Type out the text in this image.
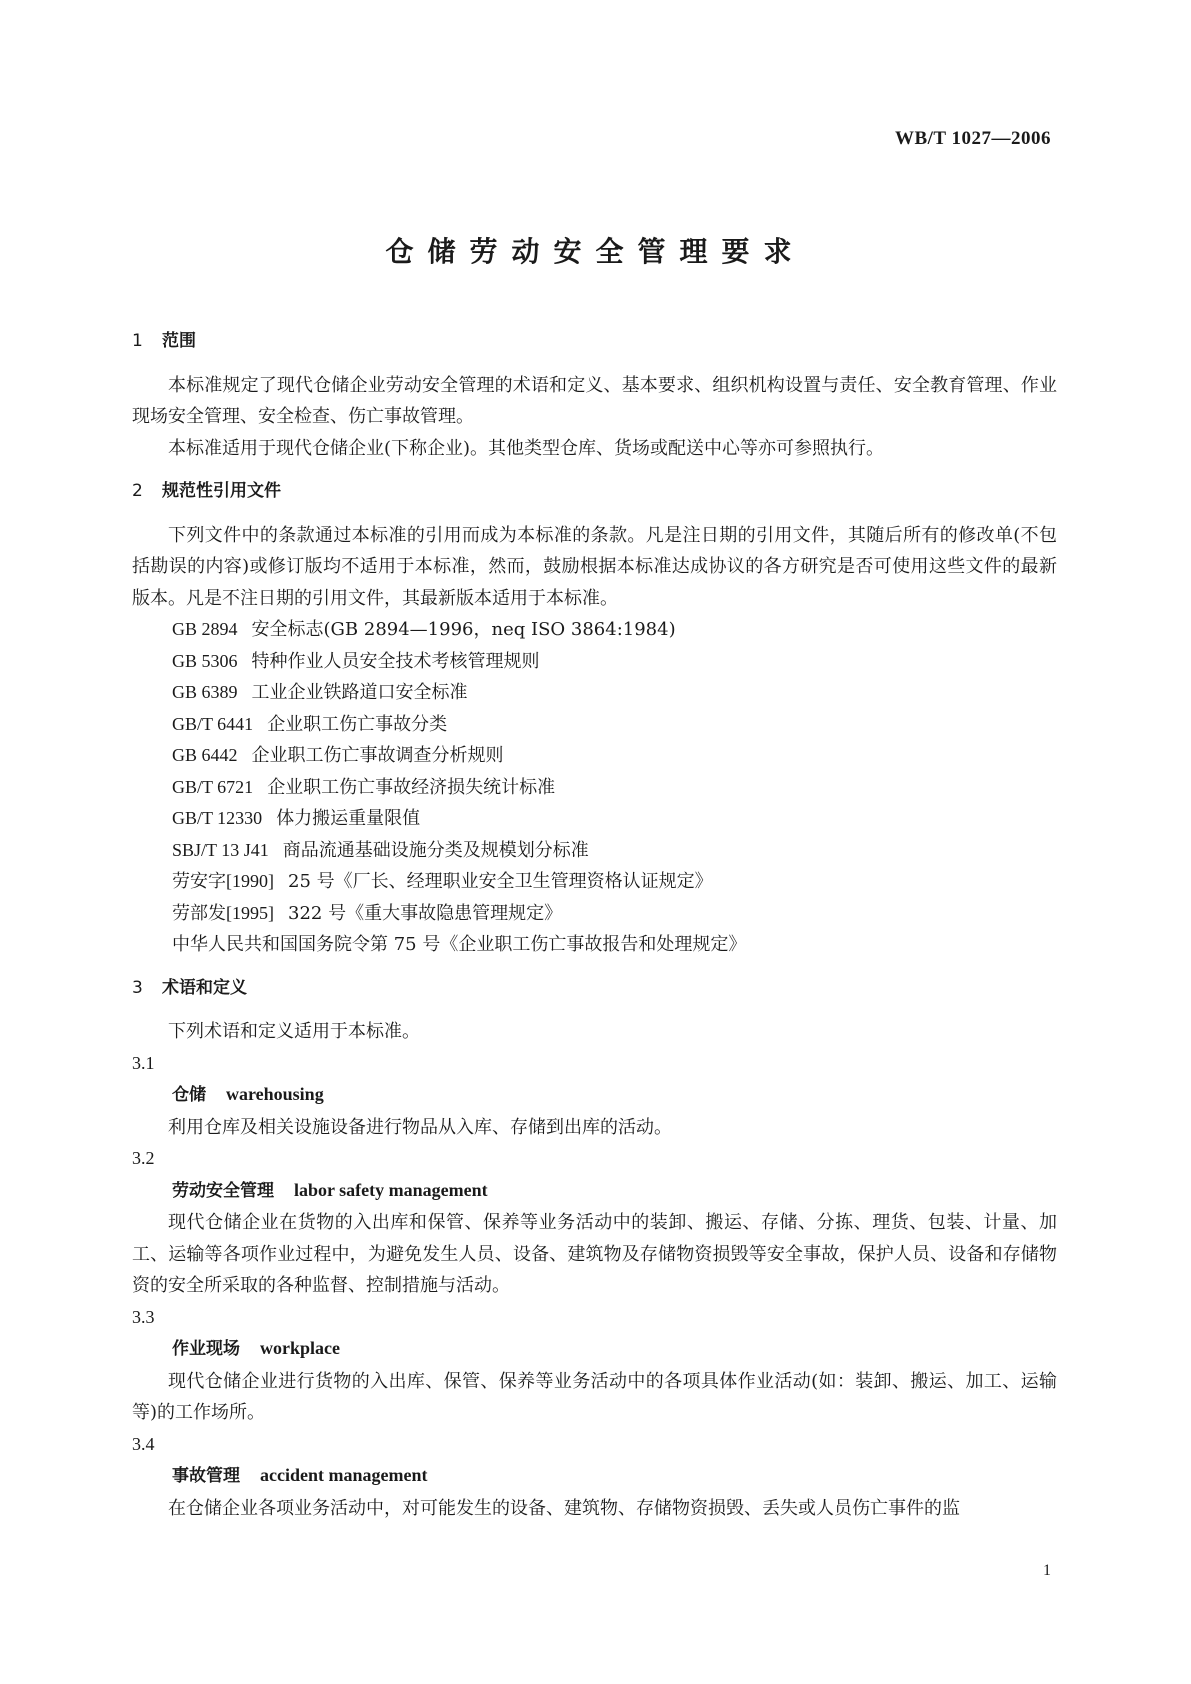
WB/T 1027—2006
仓储劳动安全管理要求

1 范围

本标准规定了现代仓储企业劳动安全管理的术语和定义、基本要求、组织机构设置与责任、安全教育管理、作业现场安全管理、安全检查、伤亡事故管理。

本标准适用于现代仓储企业(下称企业)。其他类型仓库、货场或配送中心等亦可参照执行。

2 规范性引用文件

下列文件中的条款通过本标准的引用而成为本标准的条款。凡是注日期的引用文件，其随后所有的修改单(不包括勘误的内容)或修订版均不适用于本标准，然而，鼓励根据本标准达成协议的各方研究是否可使用这些文件的最新版本。凡是不注日期的引用文件，其最新版本适用于本标准。

GB 2894 安全标志(GB 2894—1996，neq ISO 3864:1984)
GB 5306 特种作业人员安全技术考核管理规则
GB 6389 工业企业铁路道口安全标准
GB/T 6441 企业职工伤亡事故分类
GB 6442 企业职工伤亡事故调查分析规则
GB/T 6721 企业职工伤亡事故经济损失统计标准
GB/T 12330 体力搬运重量限值
SBJ/T 13 J41 商品流通基础设施分类及规模划分标准
劳安字[1990] 25 号《厂长、经理职业安全卫生管理资格认证规定》
劳部发[1995] 322 号《重大事故隐患管理规定》
中华人民共和国国务院令第 75 号《企业职工伤亡事故报告和处理规定》

3 术语和定义

下列术语和定义适用于本标准。

3.1

仓储 warehousing

利用仓库及相关设施设备进行物品从入库、存储到出库的活动。

3.2

劳动安全管理 labor safety management

现代仓储企业在货物的入出库和保管、保养等业务活动中的装卸、搬运、存储、分拣、理货、包装、计量、加工、运输等各项作业过程中，为避免发生人员、设备、建筑物及存储物资损毁等安全事故，保护人员、设备和存储物资的安全所采取的各种监督、控制措施与活动。

3.3

作业现场 workplace

现代仓储企业进行货物的入出库、保管、保养等业务活动中的各项具体作业活动(如：装卸、搬运、加工、运输等)的工作场所。

3.4

事故管理 accident management

在仓储企业各项业务活动中，对可能发生的设备、建筑物、存储物资损毁、丢失或人员伤亡事件的监

1
